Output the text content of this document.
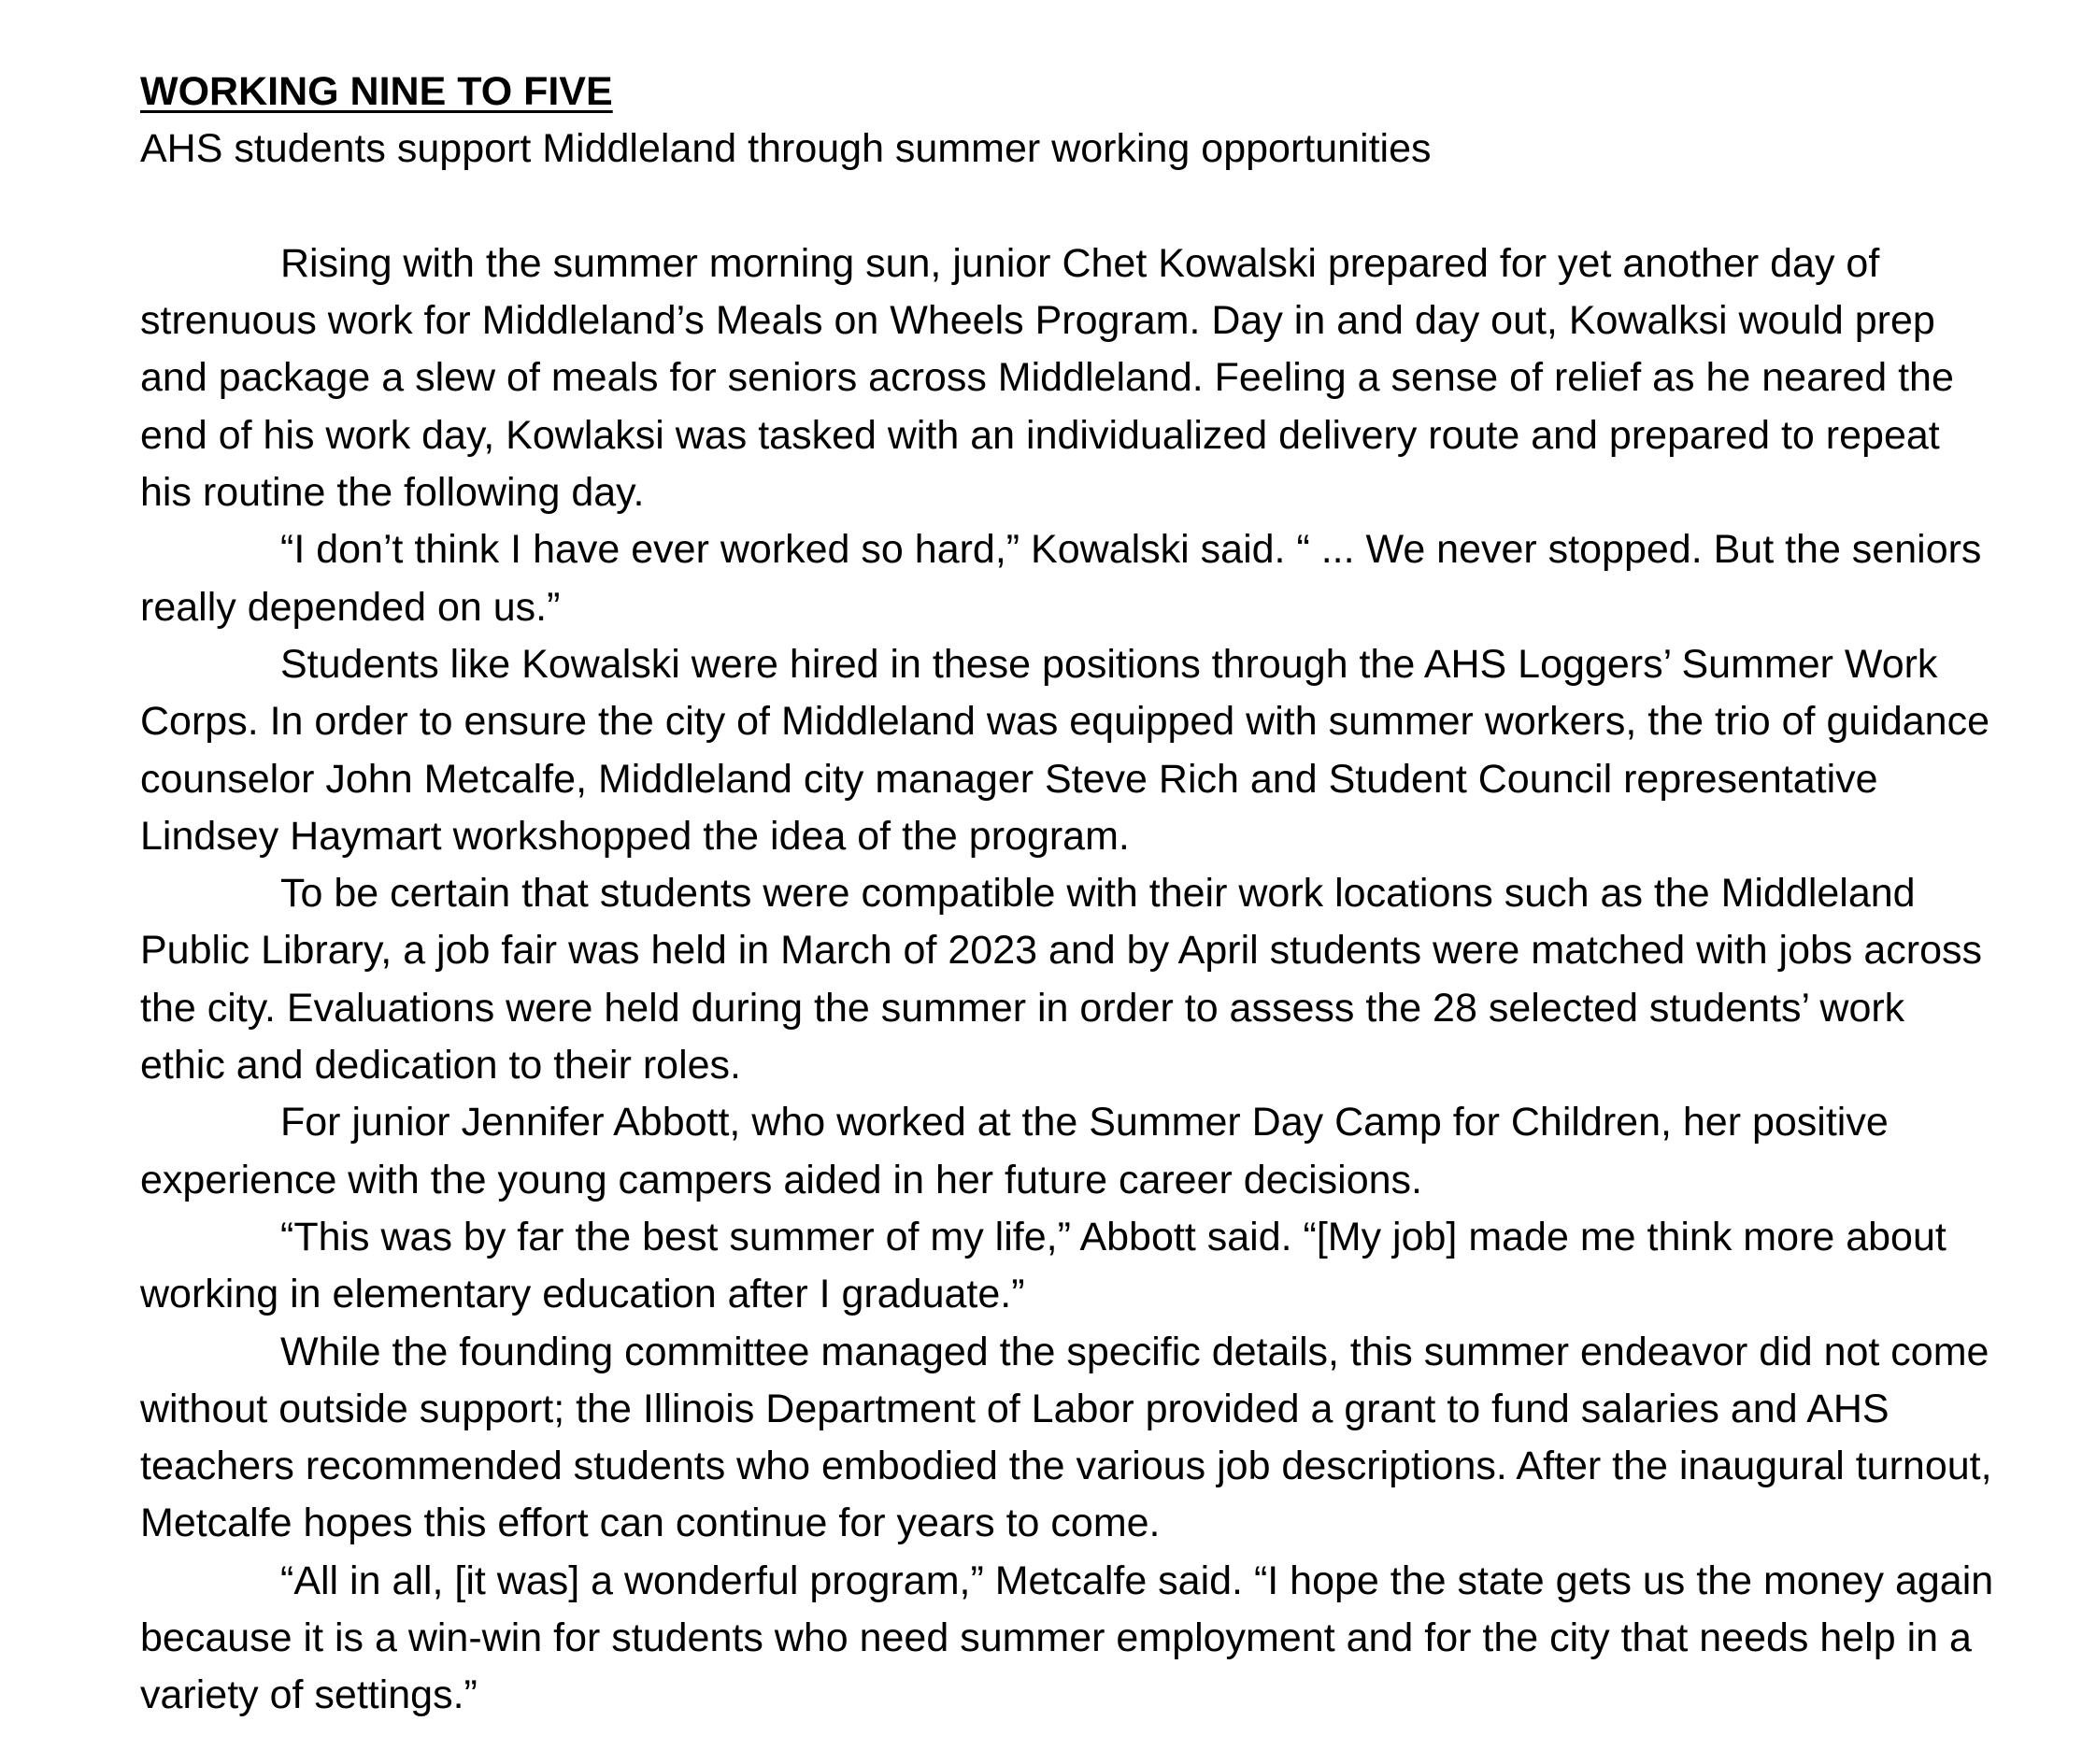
WORKING NINE TO FIVE
AHS students support Middleland through summer working opportunities

Rising with the summer morning sun, junior Chet Kowalski prepared for yet another day of strenuous work for Middleland’s Meals on Wheels Program. Day in and day out, Kowalksi would prep and package a slew of meals for seniors across Middleland. Feeling a sense of relief as he neared the end of his work day, Kowlaksi was tasked with an individualized delivery route and prepared to repeat his routine the following day.

“I don’t think I have ever worked so hard,” Kowalski said. “ ... We never stopped. But the seniors really depended on us.”

Students like Kowalski were hired in these positions through the AHS Loggers’ Summer Work Corps. In order to ensure the city of Middleland was equipped with summer workers, the trio of guidance counselor John Metcalfe, Middleland city manager Steve Rich and Student Council representative Lindsey Haymart workshopped the idea of the program.

To be certain that students were compatible with their work locations such as the Middleland Public Library, a job fair was held in March of 2023 and by April students were matched with jobs across the city. Evaluations were held during the summer in order to assess the 28 selected students’ work ethic and dedication to their roles.

For junior Jennifer Abbott, who worked at the Summer Day Camp for Children, her positive experience with the young campers aided in her future career decisions.

“This was by far the best summer of my life,” Abbott said. “[My job] made me think more about working in elementary education after I graduate.”

While the founding committee managed the specific details, this summer endeavor did not come without outside support; the Illinois Department of Labor provided a grant to fund salaries and AHS teachers recommended students who embodied the various job descriptions. After the inaugural turnout, Metcalfe hopes this effort can continue for years to come.

“All in all, [it was] a wonderful program,” Metcalfe said. “I hope the state gets us the money again because it is a win-win for students who need summer employment and for the city that needs help in a variety of settings.”
